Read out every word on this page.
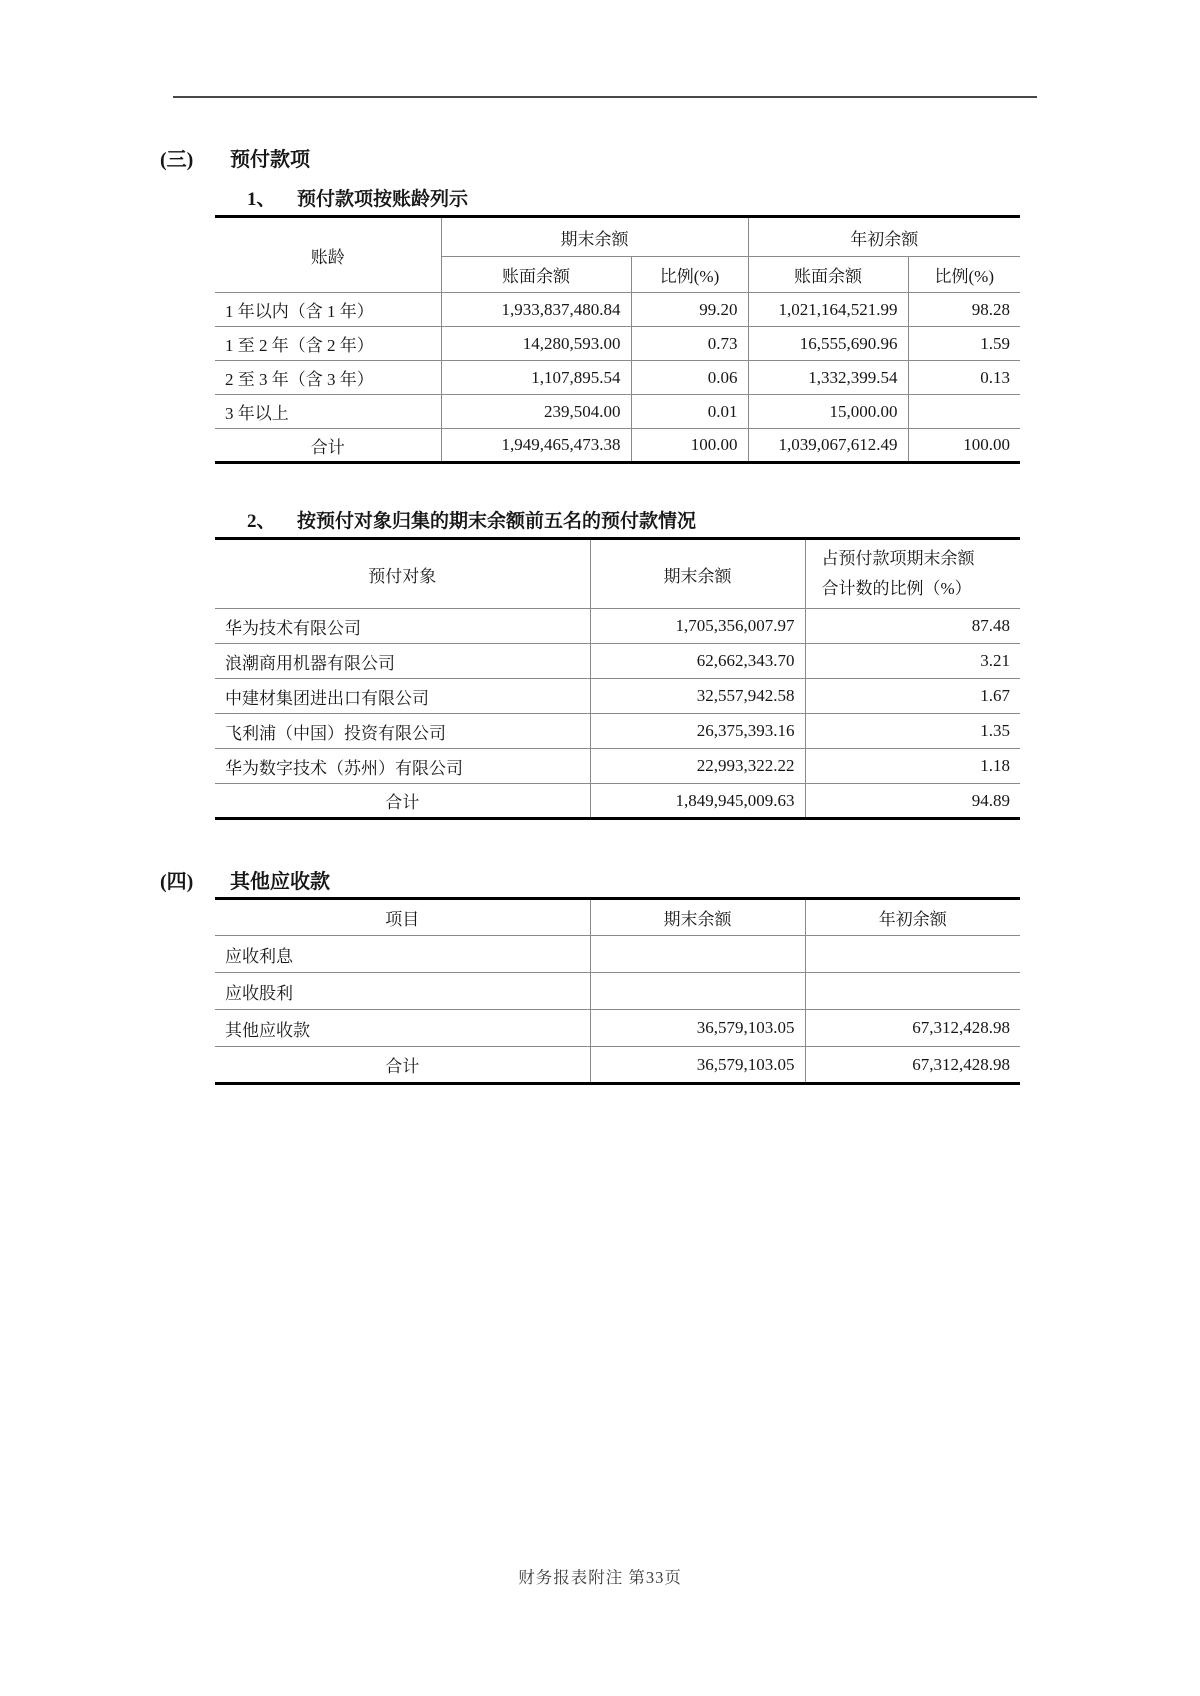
(三)	预付款项
1、	预付款项按账龄列示
账龄	期末余额		年初余额	
	账面余额	比例(%)	账面余额	比例(%)
1 年以内（含 1 年）	1,933,837,480.84	99.20	1,021,164,521.99	98.28
1 至 2 年（含 2 年）	14,280,593.00	0.73	16,555,690.96	1.59
2 至 3 年（含 3 年）	1,107,895.54	0.06	1,332,399.54	0.13
3 年以上	239,504.00	0.01	15,000.00	
合计	1,949,465,473.38	100.00	1,039,067,612.49	100.00
2、	按预付对象归集的期末余额前五名的预付款情况
预付对象	期末余额	占预付款项期末余额
合计数的比例（%）

华为技术有限公司	1,705,356,007.97	87.48
浪潮商用机器有限公司	62,662,343.70	3.21
中建材集团进出口有限公司	32,557,942.58	1.67
飞利浦（中国）投资有限公司	26,375,393.16	1.35
华为数字技术（苏州）有限公司	22,993,322.22	1.18
合计	1,849,945,009.63	94.89
(四)	其他应收款
项目	期末余额	年初余额
应收利息		
应收股利		
其他应收款	36,579,103.05	67,312,428.98
合计	36,579,103.05	67,312,428.98
财务报表附注 第33页
